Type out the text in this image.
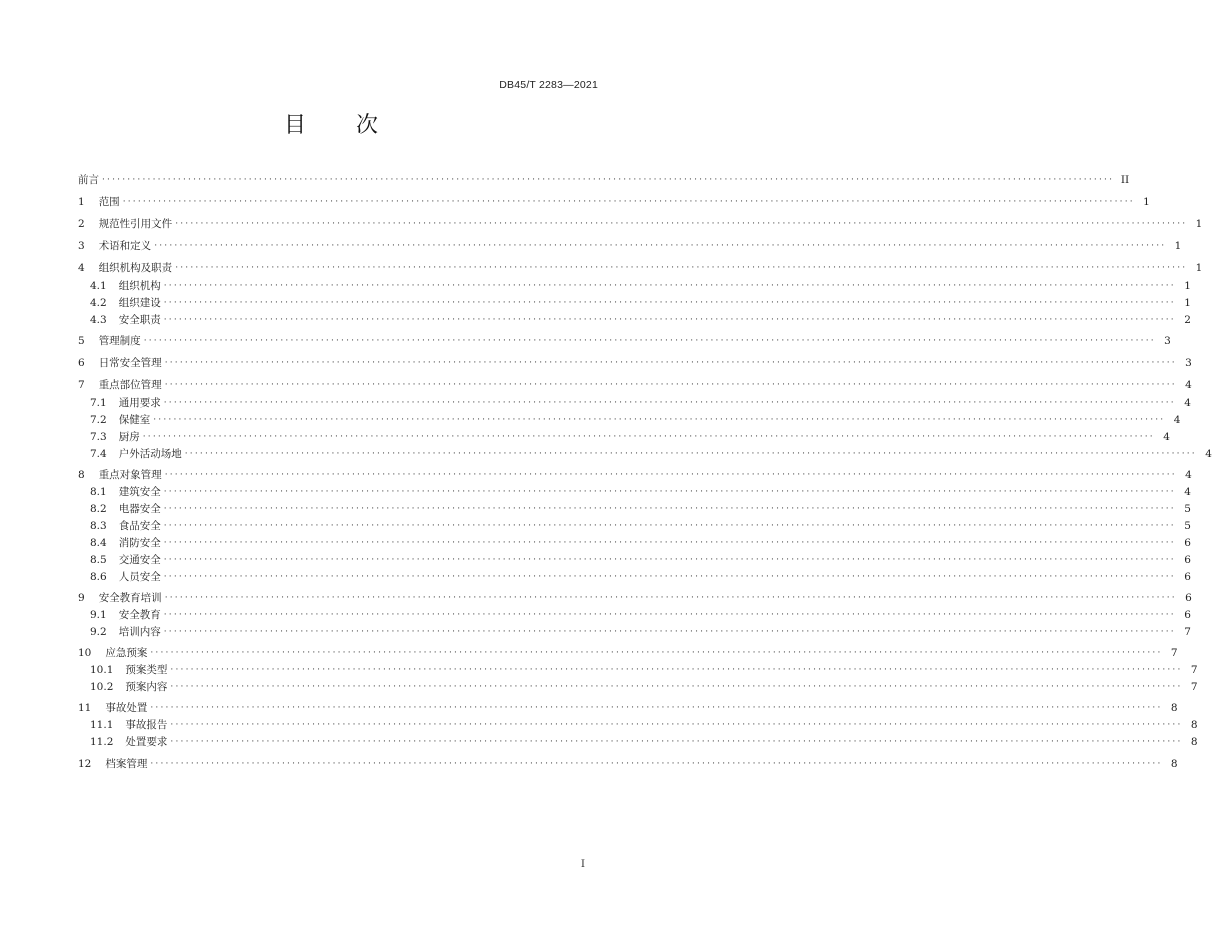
DB45/T 2283—2021
目次
前言 ········································································································································································································ II
1 范围 ········································································································································································································ 1
2 规范性引用文件 ········································································································································································································ 1
3 术语和定义 ········································································································································································································ 1
4 组织机构及职责 ········································································································································································································ 1
4.1 组织机构 ········································································································································································································ 1
4.2 组织建设 ········································································································································································································ 1
4.3 安全职责 ········································································································································································································ 2
5 管理制度 ········································································································································································································ 3
6 日常安全管理 ········································································································································································································ 3
7 重点部位管理 ········································································································································································································ 4
7.1 通用要求 ········································································································································································································ 4
7.2 保健室 ········································································································································································································ 4
7.3 厨房 ········································································································································································································ 4
7.4 户外活动场地 ········································································································································································································ 4
8 重点对象管理 ········································································································································································································ 4
8.1 建筑安全 ········································································································································································································ 4
8.2 电器安全 ········································································································································································································ 5
8.3 食品安全 ········································································································································································································ 5
8.4 消防安全 ········································································································································································································ 6
8.5 交通安全 ········································································································································································································ 6
8.6 人员安全 ········································································································································································································ 6
9 安全教育培训 ········································································································································································································ 6
9.1 安全教育 ········································································································································································································ 6
9.2 培训内容 ········································································································································································································ 7
10 应急预案 ········································································································································································································ 7
10.1 预案类型 ········································································································································································································ 7
10.2 预案内容 ········································································································································································································ 7
11 事故处置 ········································································································································································································ 8
11.1 事故报告 ········································································································································································································ 8
11.2 处置要求 ········································································································································································································ 8
12 档案管理 ········································································································································································································ 8
I
